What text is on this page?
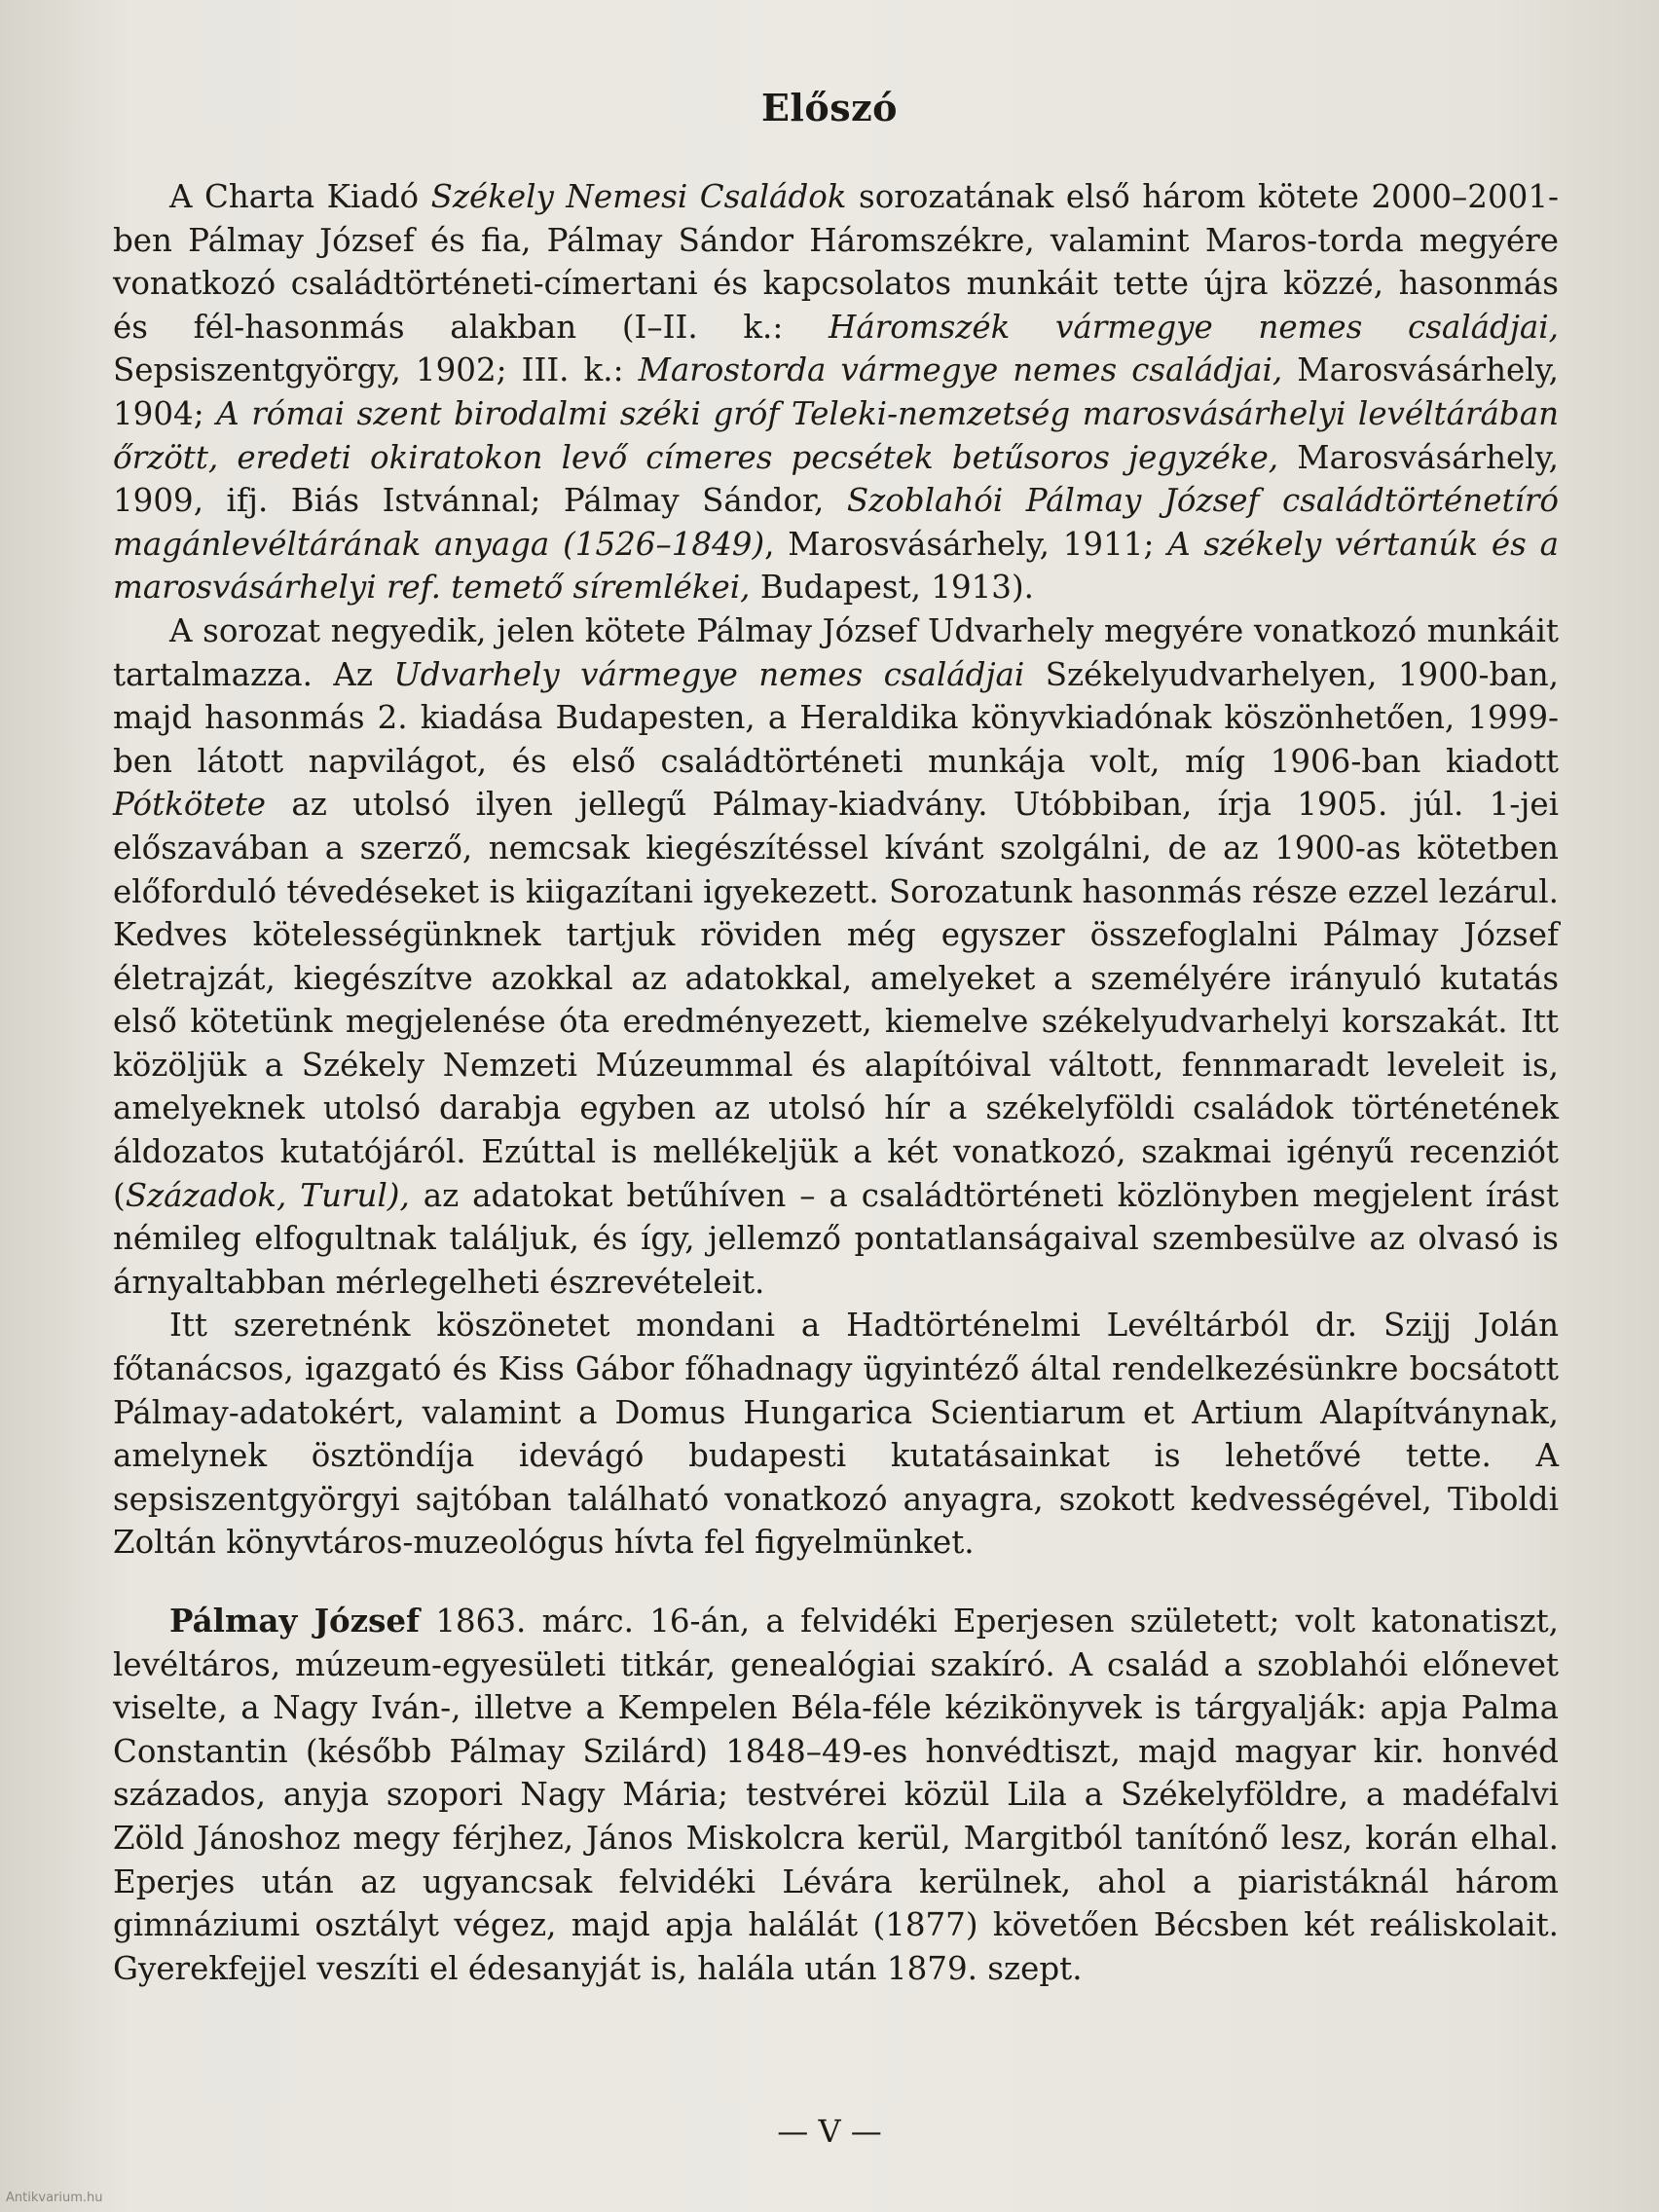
Előszó

A Charta Kiadó Székely Nemesi Családok sorozatának első három kötete 2000–2001-ben Pálmay József és fia, Pálmay Sándor Háromszékre, valamint Maros-torda megyére vonatkozó családtörténeti-címertani és kapcsolatos munkáit tette újra közzé, hasonmás és fél-hasonmás alakban (I–II. k.: Háromszék vármegye nemes családjai, Sepsiszentgyörgy, 1902; III. k.: Marostorda vármegye nemes családjai, Marosvásárhely, 1904; A római szent birodalmi széki gróf Teleki-nemzetség marosvásárhelyi levéltárában őrzött, eredeti okiratokon levő címeres pecsétek betűsoros jegyzéke, Marosvásárhely, 1909, ifj. Biás Istvánnal; Pálmay Sándor, Szoblahói Pálmay József családtörténetíró magánlevéltárának anyaga (1526–1849), Marosvásárhely, 1911; A székely vértanúk és a marosvásárhelyi ref. temető síremlékei, Budapest, 1913).

A sorozat negyedik, jelen kötete Pálmay József Udvarhely megyére vonatkozó munkáit tartalmazza. Az Udvarhely vármegye nemes családjai Székelyudvarhelyen, 1900-ban, majd hasonmás 2. kiadása Budapesten, a Heraldika könyvkiadónak köszönhetően, 1999-ben látott napvilágot, és első családtörténeti munkája volt, míg 1906-ban kiadott Pótkötete az utolsó ilyen jellegű Pálmay-kiadvány. Utóbbiban, írja 1905. júl. 1-jei előszavában a szerző, nemcsak kiegészítéssel kívánt szolgálni, de az 1900-as kötetben előforduló tévedéseket is kiigazítani igyekezett. Sorozatunk hasonmás része ezzel lezárul. Kedves kötelességünknek tartjuk röviden még egyszer összefoglalni Pálmay József életrajzát, kiegészítve azokkal az adatokkal, amelyeket a személyére irányuló kutatás első kötetünk megjelenése óta eredményezett, kiemelve székelyudvarhelyi korszakát. Itt közöljük a Székely Nemzeti Múzeummal és alapítóival váltott, fennmaradt leveleit is, amelyeknek utolsó darabja egyben az utolsó hír a székelyföldi családok történetének áldozatos kutatójáról. Ezúttal is mellékeljük a két vonatkozó, szakmai igényű recenziót (Századok, Turul), az adatokat betűhíven – a családtörténeti közlönyben megjelent írást némileg elfogultnak találjuk, és így, jellemző pontatlanságaival szembesülve az olvasó is árnyaltabban mérlegelheti észrevételeit.

Itt szeretnénk köszönetet mondani a Hadtörténelmi Levéltárból dr. Szijj Jolán főtanácsos, igazgató és Kiss Gábor főhadnagy ügyintéző által rendelkezésünkre bocsátott Pálmay-adatokért, valamint a Domus Hungarica Scientiarum et Artium Alapítványnak, amelynek ösztöndíja idevágó budapesti kutatásainkat is lehetővé tette. A sepsiszentgyörgyi sajtóban található vonatkozó anyagra, szokott kedvességével, Tiboldi Zoltán könyvtáros-muzeológus hívta fel figyelmünket.

Pálmay József 1863. márc. 16-án, a felvidéki Eperjesen született; volt katonatiszt, levéltáros, múzeum-egyesületi titkár, genealógiai szakíró. A család a szoblahói előnevet viselte, a Nagy Iván-, illetve a Kempelen Béla-féle kézikönyvek is tárgyalják: apja Palma Constantin (később Pálmay Szilárd) 1848–49-es honvédtiszt, majd magyar kir. honvéd százados, anyja szopori Nagy Mária; testvérei közül Lila a Székelyföldre, a madéfalvi Zöld Jánoshoz megy férjhez, János Miskolcra kerül, Margitból tanítónő lesz, korán elhal. Eperjes után az ugyancsak felvidéki Lévára kerülnek, ahol a piaristáknál három gimnáziumi osztályt végez, majd apja halálát (1877) követően Bécsben két reáliskolait. Gyerekfejjel veszíti el édesanyját is, halála után 1879. szept.

— V —
Antikvarium.hu
